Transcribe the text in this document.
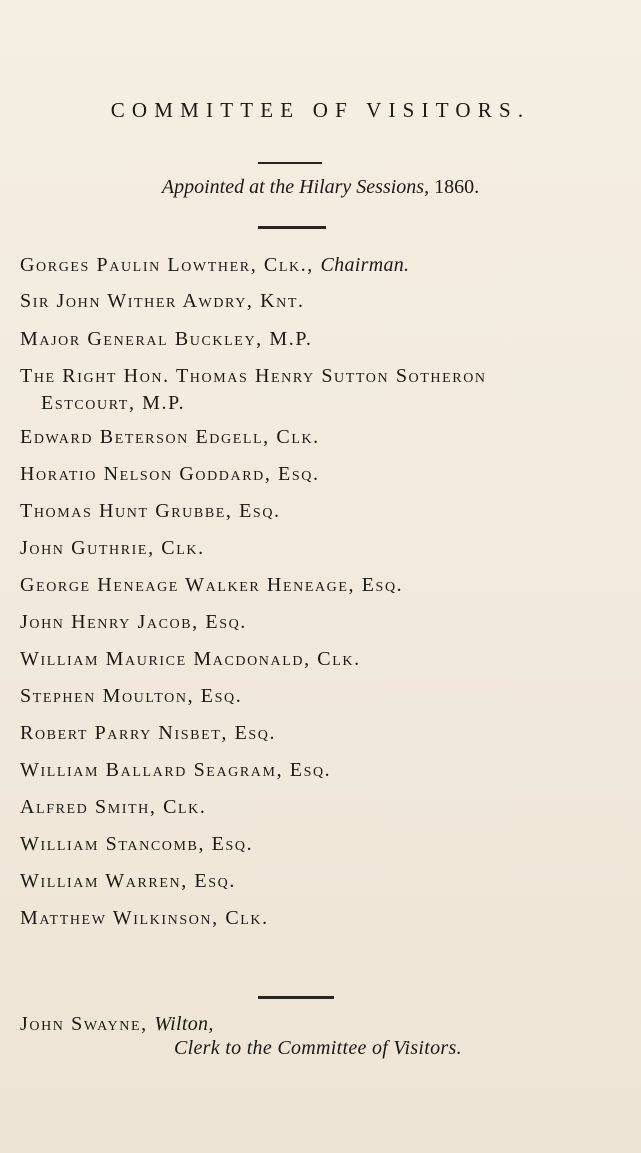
COMMITTEE OF VISITORS.
Appointed at the Hilary Sessions, 1860.
Gorges Paulin Lowther, Clk., Chairman.
Sir John Wither Awdry, Knt.
Major General Buckley, M.P.
The Right Hon. Thomas Henry Sutton Sotheron
Estcourt, M.P.
Edward Beterson Edgell, Clk.
Horatio Nelson Goddard, Esq.
Thomas Hunt Grubbe, Esq.
John Guthrie, Clk.
George Heneage Walker Heneage, Esq.
John Henry Jacob, Esq.
William Maurice Macdonald, Clk.
Stephen Moulton, Esq.
Robert Parry Nisbet, Esq.
William Ballard Seagram, Esq.
Alfred Smith, Clk.
William Stancomb, Esq.
William Warren, Esq.
Matthew Wilkinson, Clk.
John Swayne, Wilton,
Clerk to the Committee of Visitors.
